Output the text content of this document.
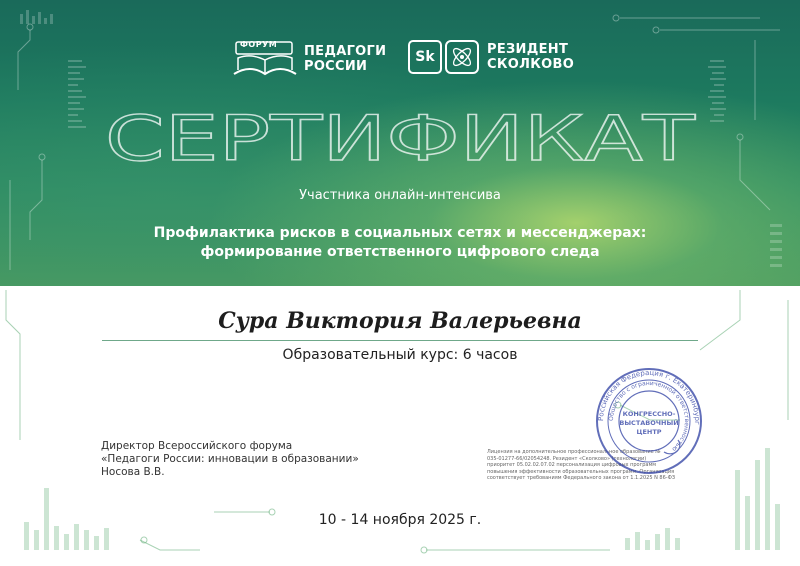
ФОРУМ ПЕДАГОГИ
РОССИИ
Sk	РЕЗИДЕНТ
СКОЛКОВО
СЕРТИФИКАТ
Участника онлайн-интенсива
Профилактика рисков в социальных сетях и мессенджерах:
формирование ответственного цифрового следа
Сура Виктория Валерьевна
Образовательный курс: 6 часов
Директор Всероссийского форума
«Педагоги России: инновации в образовании»
Носова В.В.
Лицензия на дополнительное профессиональное образование №
035-01277-66/02054248. Резидент «Сколково» (технологии)
приоритет 05.02.02.07.02 персонализация цифровых программ
повышения эффективности образовательных программ. Организация
соответствует требованиям Федерального закона от 1.1.2025 N 86-ФЗ
Российская Федерация г. Екатеринбург
Общество с ограниченной ответственностью
КОНГРЕССНО-
ВЫСТАВОЧНЫЙ
ЦЕНТР
10 - 14 ноября 2025 г.
